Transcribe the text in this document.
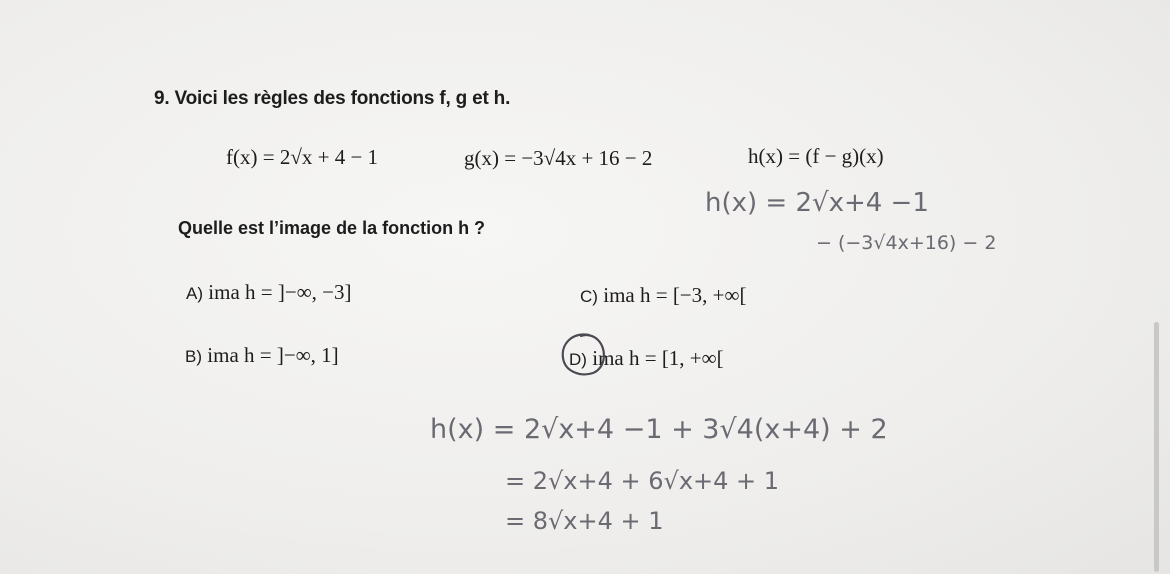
9. Voici les règles des fonctions f, g et h.
f(x) = 2√x + 4 − 1	g(x) = −3√4x + 16 − 2	h(x) = (f − g)(x)
Quelle est l’image de la fonction h ?
A) ima h = ]−∞, −3]
B) ima h = ]−∞, 1]
C) ima h = [−3, +∞[
D) ima h = [1, +∞[
h(x) = 2√x+4 −1
− (−3√4x+16) − 2
h(x) = 2√x+4 −1 + 3√4(x+4) + 2
= 2√x+4 + 6√x+4 + 1
= 8√x+4 + 1
